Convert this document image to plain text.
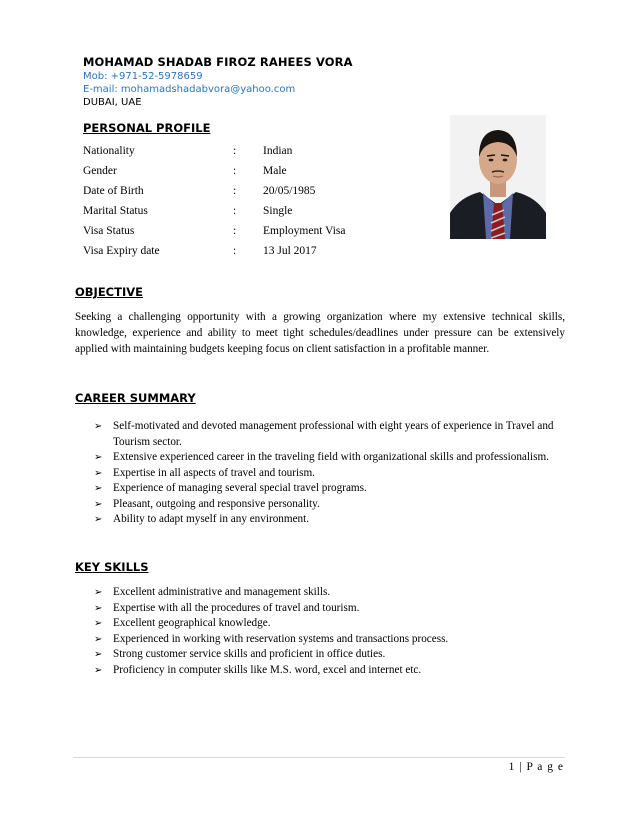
MOHAMAD SHADAB FIROZ RAHEES VORA
Mob: +971-52-5978659
E-mail: mohamadshadabvora@yahoo.com
DUBAI, UAE
PERSONAL PROFILE
Nationality	: Indian
Gender	: Male
Date of Birth	: 20/05/1985
Marital Status	: Single
Visa Status	: Employment Visa
Visa Expiry date	: 13 Jul 2017
OBJECTIVE
Seeking a challenging opportunity with a growing organization where my extensive technical skills, knowledge, experience and ability to meet tight schedules/deadlines under pressure can be extensively applied with maintaining budgets keeping focus on client satisfaction in a profitable manner.
CAREER SUMMARY
➢ Self-motivated and devoted management professional with eight years of experience in Travel and Tourism sector.
➢ Extensive experienced career in the traveling field with organizational skills and professionalism.
➢ Expertise in all aspects of travel and tourism.
➢ Experience of managing several special travel programs.
➢ Pleasant, outgoing and responsive personality.
➢ Ability to adapt myself in any environment.
KEY SKILLS
➢ Excellent administrative and management skills.
➢ Expertise with all the procedures of travel and tourism.
➢ Excellent geographical knowledge.
➢ Experienced in working with reservation systems and transactions process.
➢ Strong customer service skills and proficient in office duties.
➢ Proficiency in computer skills like M.S. word, excel and internet etc.
1 | P a g e
